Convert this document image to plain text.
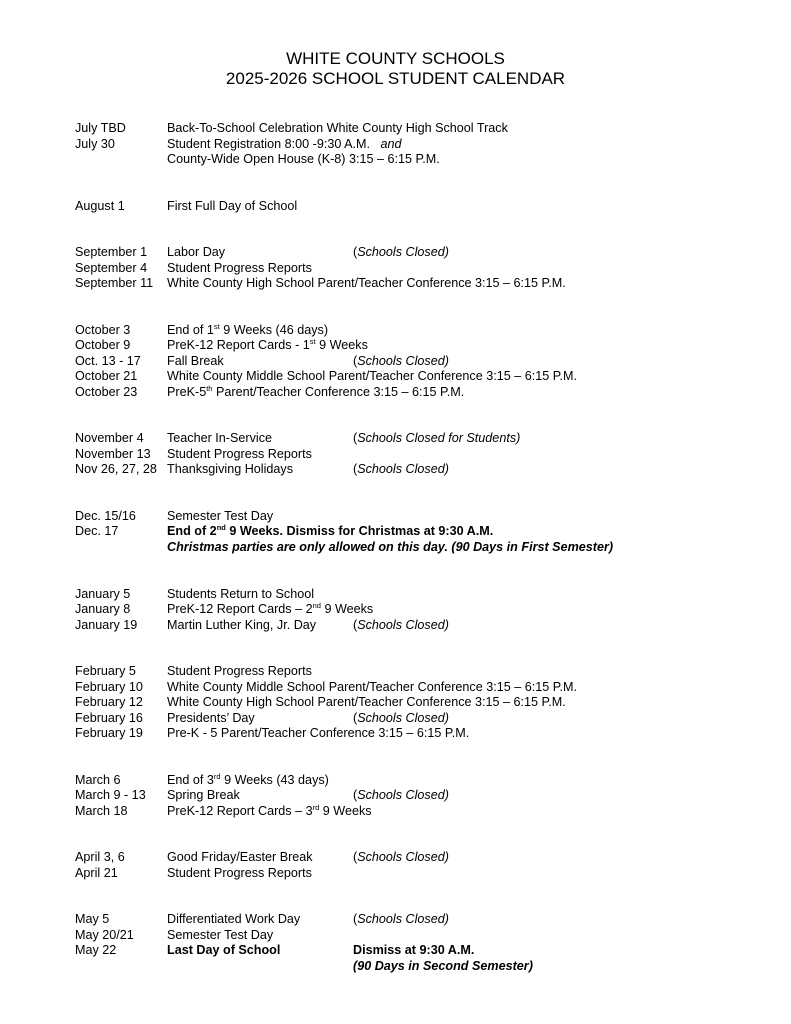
WHITE COUNTY SCHOOLS
2025-2026 SCHOOL STUDENT CALENDAR
July TBD	Back-To-School Celebration White County High School Track
July 30	Student Registration 8:00 -9:30 A.M. and
County-Wide Open House (K-8) 3:15 – 6:15 P.M.
August 1	First Full Day of School
September 1 Labor Day	(Schools Closed)
September 4 Student Progress Reports
September 11 White County High School Parent/Teacher Conference 3:15 – 6:15 P.M.
October 3	End of 1st 9 Weeks (46 days)
October 9	PreK-12 Report Cards - 1st 9 Weeks
Oct. 13 - 17 Fall Break	(Schools Closed)
October 21 White County Middle School Parent/Teacher Conference 3:15 – 6:15 P.M.
October 23 PreK-5th Parent/Teacher Conference 3:15 – 6:15 P.M.
November 4 Teacher In-Service	(Schools Closed for Students)
November 13 Student Progress Reports
Nov 26, 27, 28 Thanksgiving Holidays	(Schools Closed)
Dec. 15/16 Semester Test Day
Dec. 17	End of 2nd 9 Weeks. Dismiss for Christmas at 9:30 A.M.
Christmas parties are only allowed on this day. (90 Days in First Semester)
January 5	Students Return to School
January 8	PreK-12 Report Cards – 2nd 9 Weeks
January 19 Martin Luther King, Jr. Day	(Schools Closed)
February 5 Student Progress Reports
February 10 White County Middle School Parent/Teacher Conference 3:15 – 6:15 P.M.
February 12 White County High School Parent/Teacher Conference 3:15 – 6:15 P.M.
February 16 Presidents’ Day	(Schools Closed)
February 19 Pre-K - 5 Parent/Teacher Conference 3:15 – 6:15 P.M.
March 6	End of 3rd 9 Weeks (43 days)
March 9 - 13 Spring Break	(Schools Closed)
March 18	PreK-12 Report Cards – 3rd 9 Weeks
April 3, 6	Good Friday/Easter Break	(Schools Closed)
April 21	Student Progress Reports
May 5	Differentiated Work Day	(Schools Closed)
May 20/21	Semester Test Day
May 22	Last Day of School	Dismiss at 9:30 A.M.
(90 Days in Second Semester)
